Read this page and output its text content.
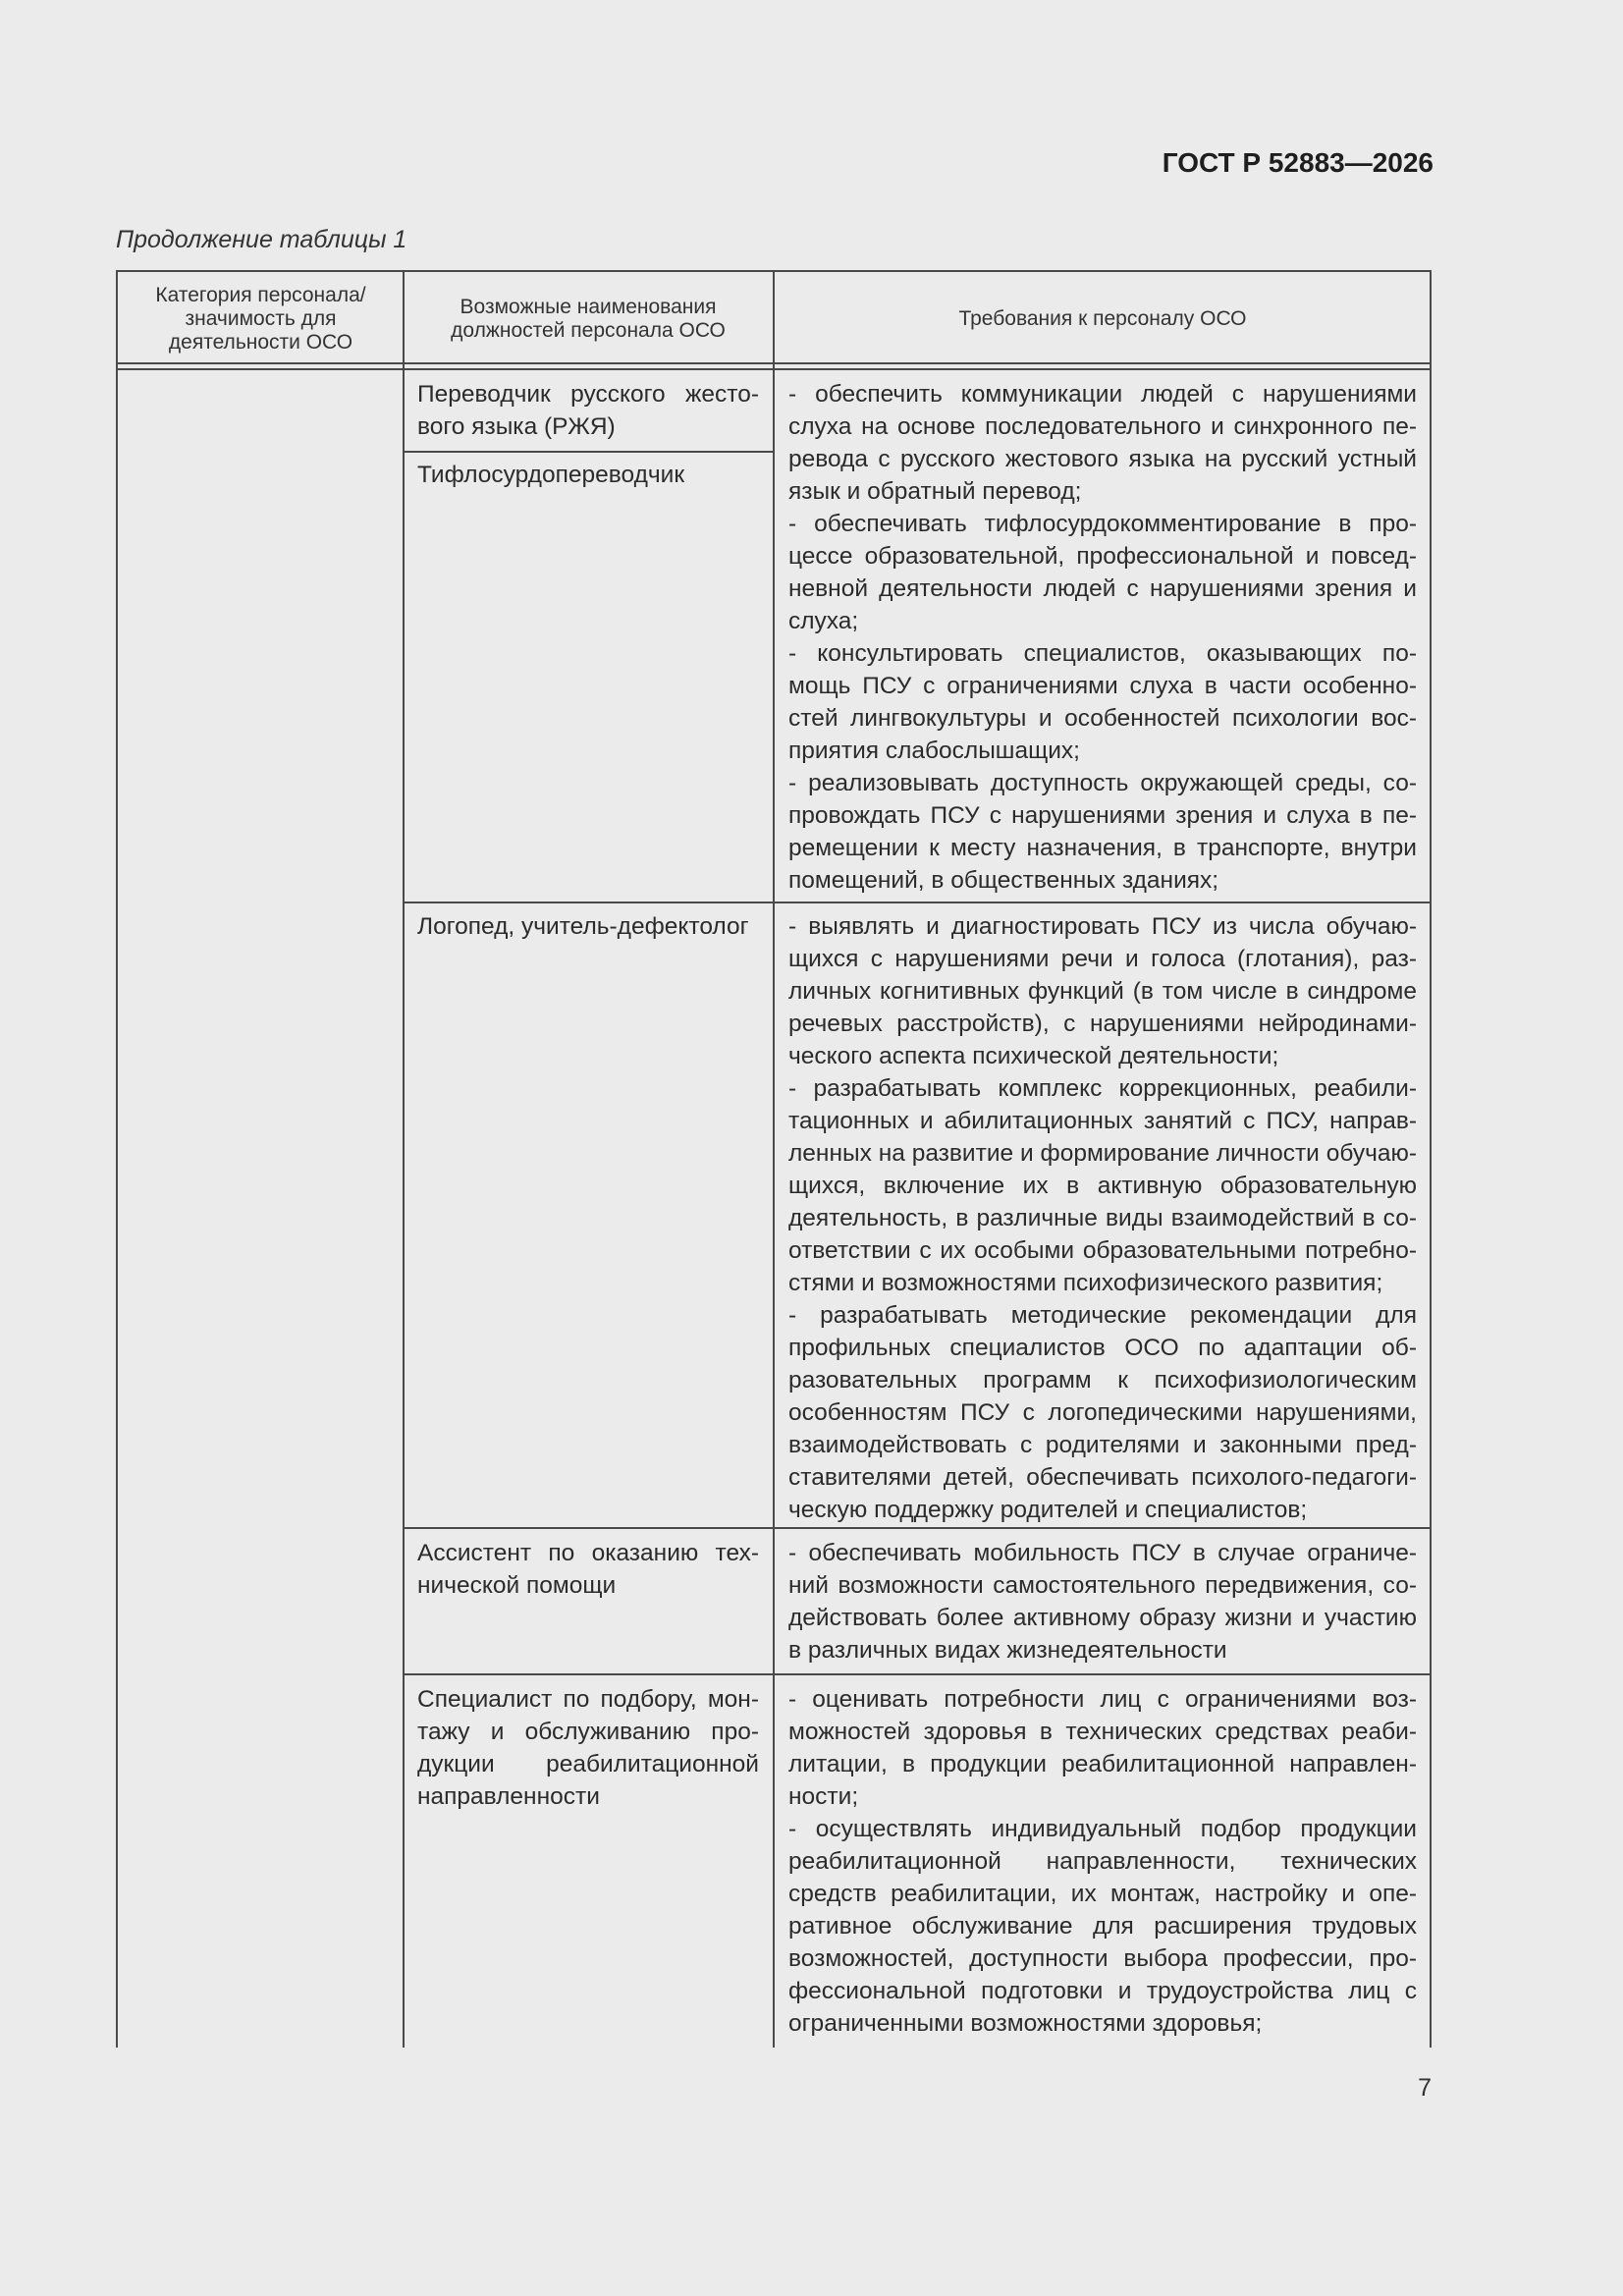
ГОСТ Р 52883—2026
Продолжение таблицы 1
Категория персонала/ значимость для деятельности ОСО
Возможные наименования должностей персонала ОСО
Требования к персоналу ОСО
Переводчик русского жесто-
вого языка (РЖЯ)
Тифлосурдопереводчик
Логопед, учитель-дефектолог
Ассистент по оказанию тех-
нической помощи
Специалист по подбору, мон-
тажу и обслуживанию про-
дукции реабилитационной
направленности
- обеспечить коммуникации людей с нарушениями
слуха на основе последовательного и синхронного пе-
ревода с русского жестового языка на русский устный
язык и обратный перевод;
- обеспечивать тифлосурдокомментирование в про-
цессе образовательной, профессиональной и повсед-
невной деятельности людей с нарушениями зрения и
слуха;
- консультировать специалистов, оказывающих по-
мощь ПСУ с ограничениями слуха в части особенно-
стей лингвокультуры и особенностей психологии вос-
приятия слабослышащих;
- реализовывать доступность окружающей среды, со-
провождать ПСУ с нарушениями зрения и слуха в пе-
ремещении к месту назначения, в транспорте, внутри
помещений, в общественных зданиях;
- выявлять и диагностировать ПСУ из числа обучаю-
щихся с нарушениями речи и голоса (глотания), раз-
личных когнитивных функций (в том числе в синдроме
речевых расстройств), с нарушениями нейродинами-
ческого аспекта психической деятельности;
- разрабатывать комплекс коррекционных, реабили-
тационных и абилитационных занятий с ПСУ, направ-
ленных на развитие и формирование личности обучаю-
щихся, включение их в активную образовательную
деятельность, в различные виды взаимодействий в со-
ответствии с их особыми образовательными потребно-
стями и возможностями психофизического развития;
- разрабатывать методические рекомендации для
профильных специалистов ОСО по адаптации об-
разовательных программ к психофизиологическим
особенностям ПСУ с логопедическими нарушениями,
взаимодействовать с родителями и законными пред-
ставителями детей, обеспечивать психолого-педагоги-
ческую поддержку родителей и специалистов;
- обеспечивать мобильность ПСУ в случае ограниче-
ний возможности самостоятельного передвижения, со-
действовать более активному образу жизни и участию
в различных видах жизнедеятельности
- оценивать потребности лиц с ограничениями воз-
можностей здоровья в технических средствах реаби-
литации, в продукции реабилитационной направлен-
ности;
- осуществлять индивидуальный подбор продукции
реабилитационной направленности, технических
средств реабилитации, их монтаж, настройку и опе-
ративное обслуживание для расширения трудовых
возможностей, доступности выбора профессии, про-
фессиональной подготовки и трудоустройства лиц с
ограниченными возможностями здоровья;
7
